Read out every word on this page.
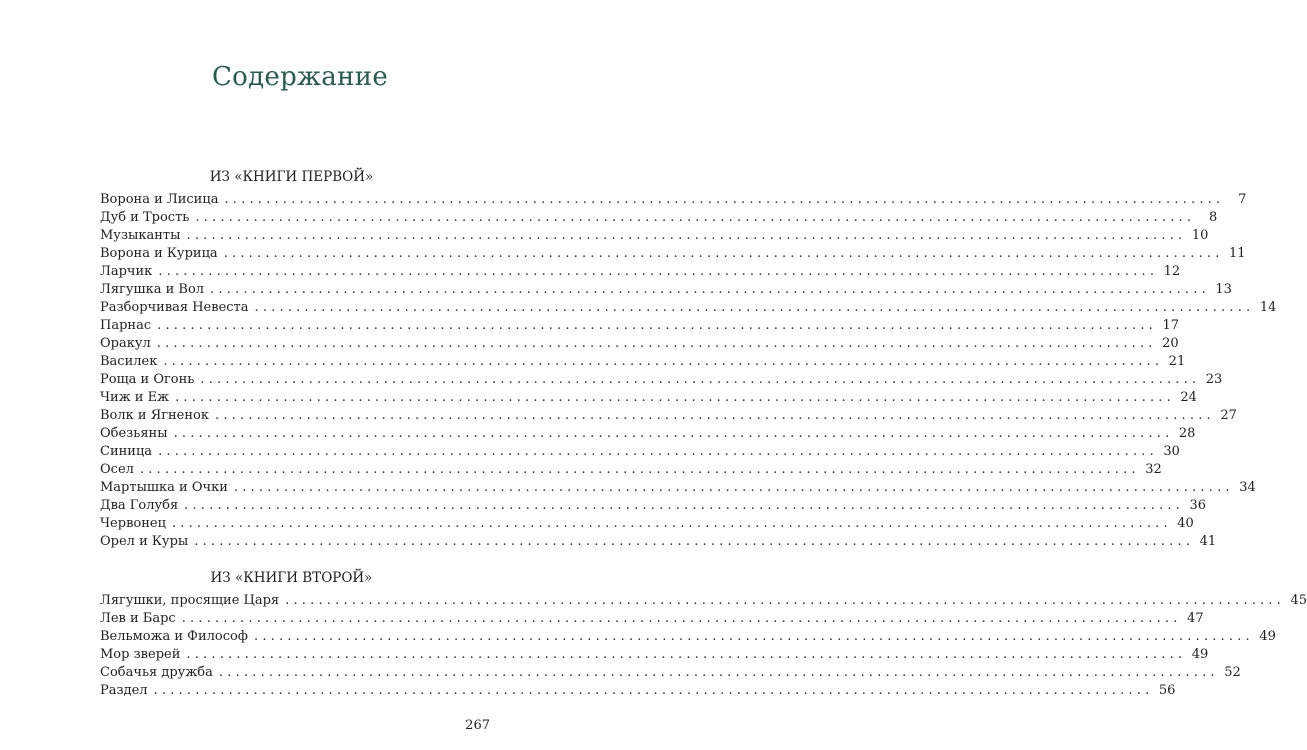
Содержание
ИЗ «КНИГИ ПЕРВОЙ»
Ворона и Лисица ........................................................................................................................	7
Дуб и Трость ........................................................................................................................	8
Музыканты ........................................................................................................................ 10
Ворона и Курица ........................................................................................................................ 11
Ларчик ........................................................................................................................ 12
Лягушка и Вол ........................................................................................................................ 13
Разборчивая Невеста ........................................................................................................................ 14
Парнас ........................................................................................................................ 17
Оракул ........................................................................................................................ 20
Василек ........................................................................................................................ 21
Роща и Огонь ........................................................................................................................ 23
Чиж и Еж ........................................................................................................................ 24
Волк и Ягненок ........................................................................................................................ 27
Обезьяны ........................................................................................................................ 28
Синица ........................................................................................................................ 30
Осел ........................................................................................................................ 32
Мартышка и Очки ........................................................................................................................ 34
Два Голубя ........................................................................................................................ 36
Червонец ........................................................................................................................ 40
Орел и Куры ........................................................................................................................ 41
ИЗ «КНИГИ ВТОРОЙ»
Лягушки, просящие Царя ........................................................................................................................ 45
Лев и Барс ........................................................................................................................ 47
Вельможа и Философ ........................................................................................................................ 49
Мор зверей ........................................................................................................................ 49
Собачья дружба ........................................................................................................................ 52
Раздел ........................................................................................................................ 56
267
